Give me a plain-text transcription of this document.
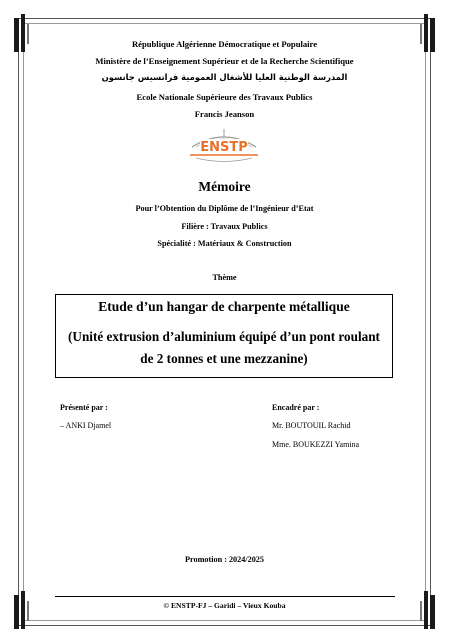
République Algérienne Démocratique et Populaire
Ministère de l’Enseignement Supérieur et de la Recherche Scientifique
المدرسة الوطنية العليا للأشغال العمومية فرانسيس جانسون
Ecole Nationale Supérieure des Travaux Publics
Francis Jeanson
ENSTP
Mémoire
Pour l’Obtention du Diplôme de l’Ingénieur d’Etat
Filière : Travaux Publics
Spécialité : Matériaux & Construction
Thème
Etude d’un hangar de charpente métallique
(Unité extrusion d’aluminium équipé d’un pont roulant
de 2 tonnes et une mezzanine)
Présenté par :
– ANKI Djamel
Encadré par :
Mr. BOUTOUIL Rachid
Mme. BOUKEZZI Yamina
Promotion : 2024/2025
© ENSTP-FJ – Garidi – Vieux Kouba
